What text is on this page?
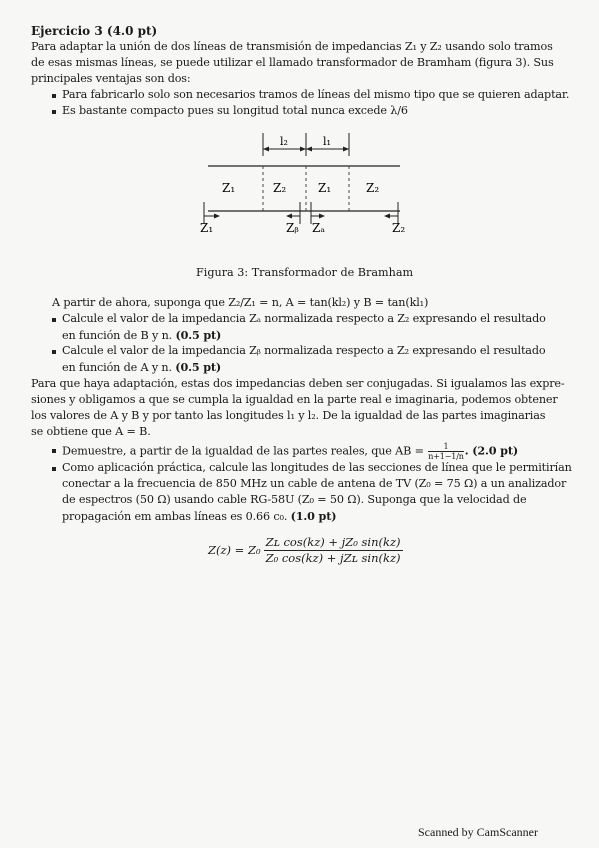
Ejercicio 3 (4.0 pt)
Para adaptar la unión de dos líneas de transmisión de impedancias Z₁ y Z₂ usando solo tramos
de esas mismas líneas, se puede utilizar el llamado transformador de Bramham (figura 3). Sus
principales ventajas son dos:
Para fabricarlo solo son necesarios tramos de líneas del mismo tipo que se quieren adaptar.
Es bastante compacto pues su longitud total nunca excede λ/6
l₂	l₁
Z₁	Z₂	Z₁	Z₂
Z₁	Zᵦ Zₐ	Z₂
Figura 3: Transformador de Bramham
A partir de ahora, suponga que Z₂/Z₁ = n, A = tan(kl₂) y B = tan(kl₁)
Calcule el valor de la impedancia Zₐ normalizada respecto a Z₂ expresando el resultado
en función de B y n. (0.5 pt)
Calcule el valor de la impedancia Zᵦ normalizada respecto a Z₂ expresando el resultado
en función de A y n. (0.5 pt)
Para que haya adaptación, estas dos impedancias deben ser conjugadas. Si igualamos las expre-
siones y obligamos a que se cumpla la igualdad en la parte real e imaginaria, podemos obtener
los valores de A y B y por tanto las longitudes l₁ y l₂. De la igualdad de las partes imaginarias
se obtiene que A = B.
Demuestre, a partir de la igualdad de las partes reales, que AB = $\frac{1}{n+1-1/n}$ . (2.0 pt)
Como aplicación práctica, calcule las longitudes de las secciones de línea que le permitirían
conectar a la frecuencia de 850 MHz un cable de antena de TV (Z₀ = 75 Ω) a un analizador
de espectros (50 Ω) usando cable RG-58U (Z₀ = 50 Ω). Suponga que la velocidad de
propagación em ambas líneas es 0.66 c₀. (1.0 pt)
Z(z) = Z₀
Zʟ cos(kz) + jZ₀ sin(kz)
Z₀ cos(kz) + jZʟ sin(kz)
Scanned by CamScanner
